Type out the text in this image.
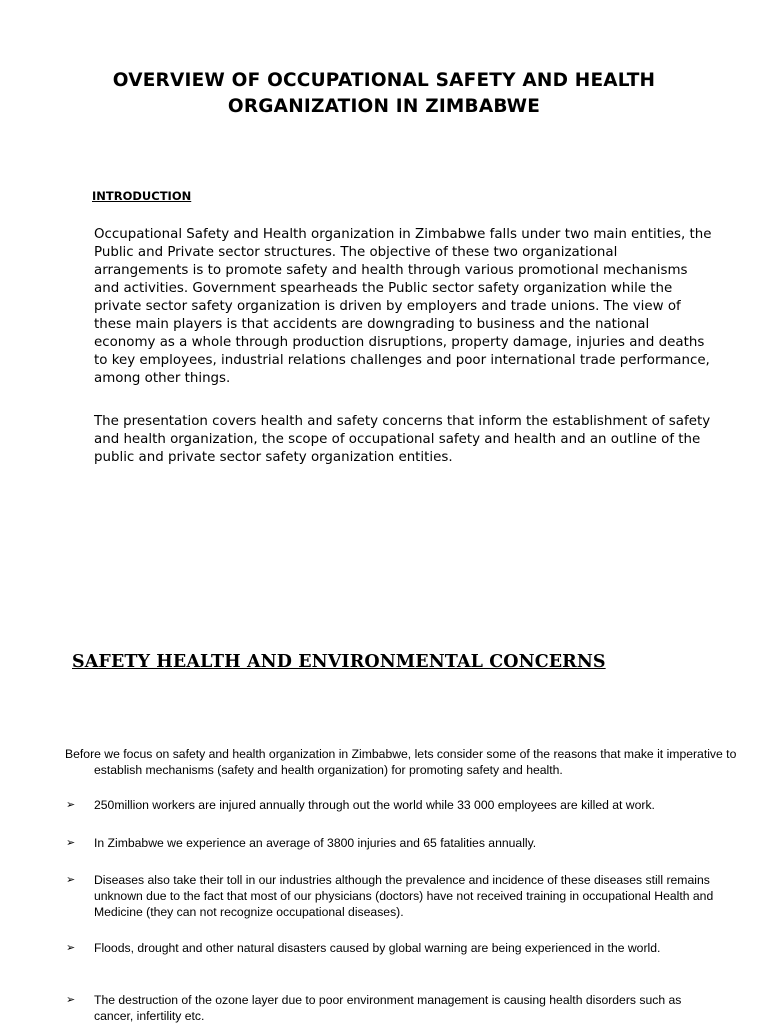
OVERVIEW OF OCCUPATIONAL SAFETY AND HEALTH
ORGANIZATION IN ZIMBABWE
INTRODUCTION

Occupational Safety and Health organization in Zimbabwe falls under two main entities, the Public and Private sector structures. The objective of these two organizational arrangements is to promote safety and health through various promotional mechanisms and activities. Government spearheads the Public sector safety organization while the private sector safety organization is driven by employers and trade unions. The view of these main players is that accidents are downgrading to business and the national economy as a whole through production disruptions, property damage, injuries and deaths to key employees, industrial relations challenges and poor international trade performance, among other things.

The presentation covers health and safety concerns that inform the establishment of safety and health organization, the scope of occupational safety and health and an outline of the public and private sector safety organization entities.

SAFETY HEALTH AND ENVIRONMENTAL CONCERNS

Before we focus on safety and health organization in Zimbabwe, lets consider some of the reasons that make it imperative to establish mechanisms (safety and health organization) for promoting safety and health.

➢ 250million workers are injured annually through out the world while 33 000 employees are killed at work.
➢ In Zimbabwe we experience an average of 3800 injuries and 65 fatalities annually.
➢ Diseases also take their toll in our industries although the prevalence and incidence of these diseases still remains unknown due to the fact that most of our physicians (doctors) have not received training in occupational Health and Medicine (they can not recognize occupational diseases).
➢ Floods, drought and other natural disasters caused by global warning are being experienced in the world.
➢ The destruction of the ozone layer due to poor environment management is causing health disorders such as cancer, infertility etc.
